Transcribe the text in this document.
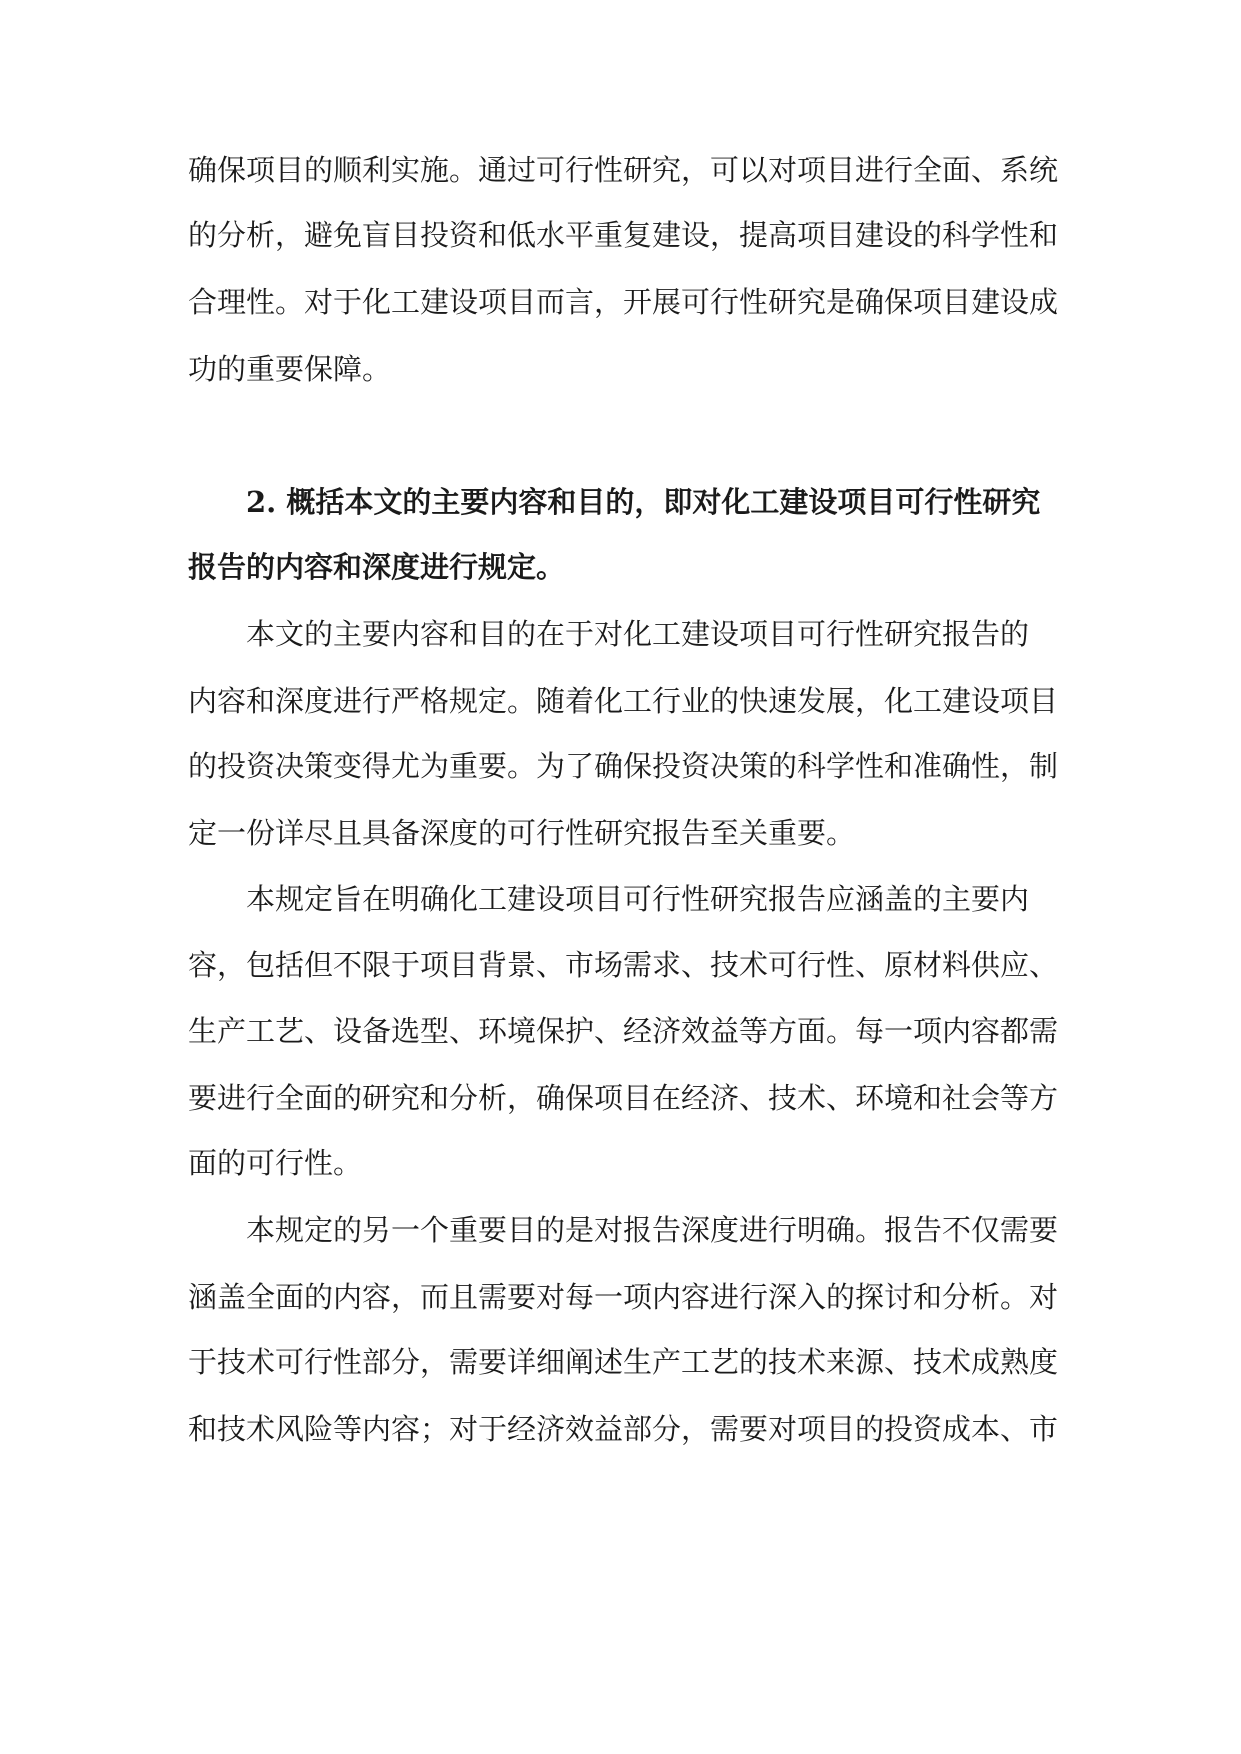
确保项目的顺利实施。通过可行性研究，可以对项目进行全面、系统

的分析，避免盲目投资和低水平重复建设，提高项目建设的科学性和

合理性。对于化工建设项目而言，开展可行性研究是确保项目建设成

功的重要保障。

2. 概括本文的主要内容和目的，即对化工建设项目可行性研究

报告的内容和深度进行规定。

本文的主要内容和目的在于对化工建设项目可行性研究报告的

内容和深度进行严格规定。随着化工行业的快速发展，化工建设项目

的投资决策变得尤为重要。为了确保投资决策的科学性和准确性，制

定一份详尽且具备深度的可行性研究报告至关重要。

本规定旨在明确化工建设项目可行性研究报告应涵盖的主要内

容，包括但不限于项目背景、市场需求、技术可行性、原材料供应、

生产工艺、设备选型、环境保护、经济效益等方面。每一项内容都需

要进行全面的研究和分析，确保项目在经济、技术、环境和社会等方

面的可行性。

本规定的另一个重要目的是对报告深度进行明确。报告不仅需要

涵盖全面的内容，而且需要对每一项内容进行深入的探讨和分析。对

于技术可行性部分，需要详细阐述生产工艺的技术来源、技术成熟度

和技术风险等内容；对于经济效益部分，需要对项目的投资成本、市
